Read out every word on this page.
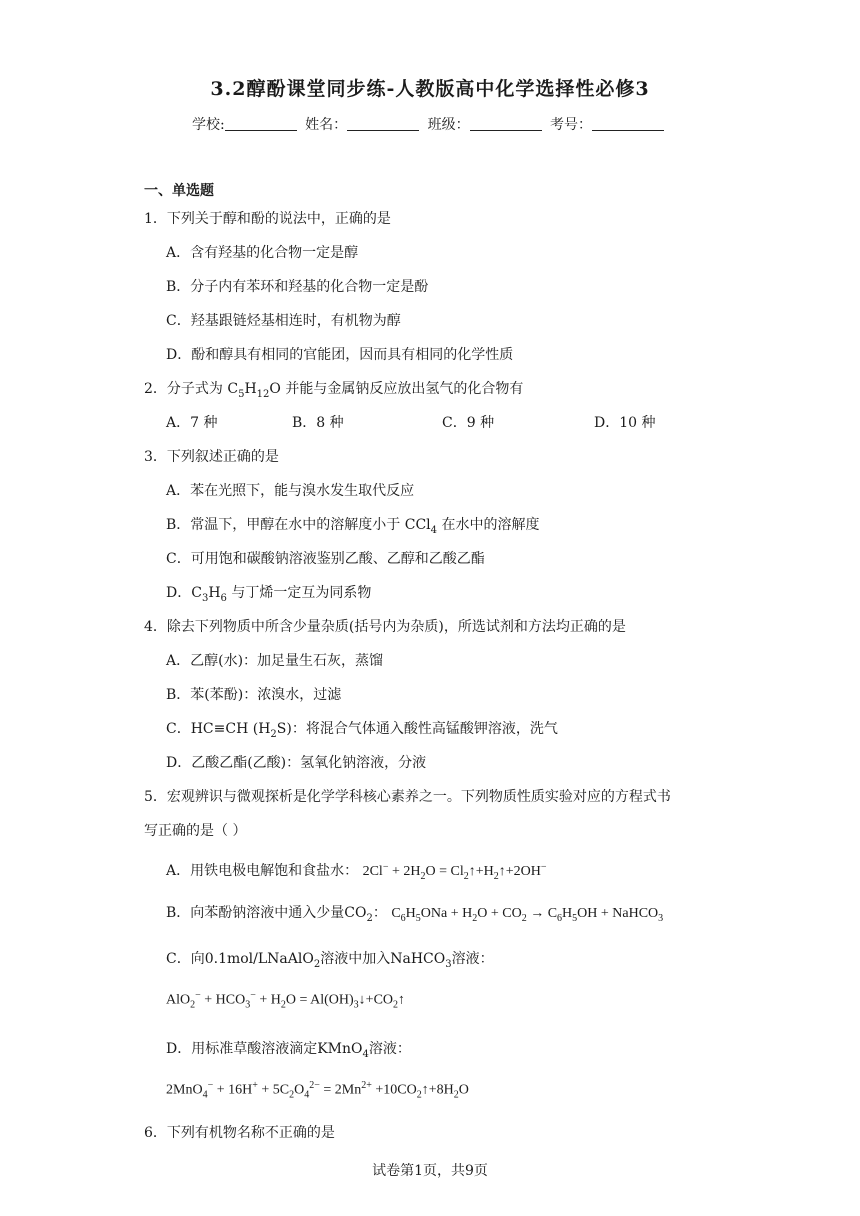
3.2醇酚课堂同步练-人教版高中化学选择性必修3
学校:	姓名：	班级：	考号：
一、单选题
1．下列关于醇和酚的说法中，正确的是
A．含有羟基的化合物一定是醇
B．分子内有苯环和羟基的化合物一定是酚
C．羟基跟链烃基相连时，有机物为醇
D．酚和醇具有相同的官能团，因而具有相同的化学性质
2．分子式为 $C_5H_{12}O$ 并能与金属钠反应放出氢气的化合物有
A．7 种	B．8 种	C．9 种	D．10 种
3．下列叙述正确的是
A．苯在光照下，能与溴水发生取代反应
B．常温下，甲醇在水中的溶解度小于 CCl$_4$ 在水中的溶解度
C．可用饱和碳酸钠溶液鉴别乙酸、乙醇和乙酸乙酯
D．$C_3H_6$ 与丁烯一定互为同系物
4．除去下列物质中所含少量杂质(括号内为杂质)，所选试剂和方法均正确的是
A．乙醇(水)：加足量生石灰，蒸馏
B．苯(苯酚)：浓溴水，过滤
C．HC≡CH $(H_2S)$：将混合气体通入酸性高锰酸钾溶液，洗气
D．乙酸乙酯(乙酸)：氢氧化钠溶液，分液
5．宏观辨识与微观探析是化学学科核心素养之一。下列物质性质实验对应的方程式书
写正确的是（ ）
A．用铁电极电解饱和食盐水： $2Cl^- + 2H_2O$ = $Cl_2↑+H_2↑+2OH^-$
B．向苯酚钠溶液中通入少量$CO_2$： $C_6H_5ONa + H_2O + CO_2 \to C_6H_5OH$ + NaHCO$_3$
C．向0.1mol/LNaAlO$_2$溶液中加入NaHCO$_3$溶液：
$AlO_2^- + HCO_3^- + H_2O$ = $Al(OH)_3↓+CO_2↑$
D．用标准草酸溶液滴定KMnO$_4$溶液：
$2MnO_4^- + 16H^+ + 5C_2O_4^{2-} = 2Mn^{2+}$ $+10CO_2↑+8H_2O$
6．下列有机物名称不正确的是
试卷第1页，共9页
